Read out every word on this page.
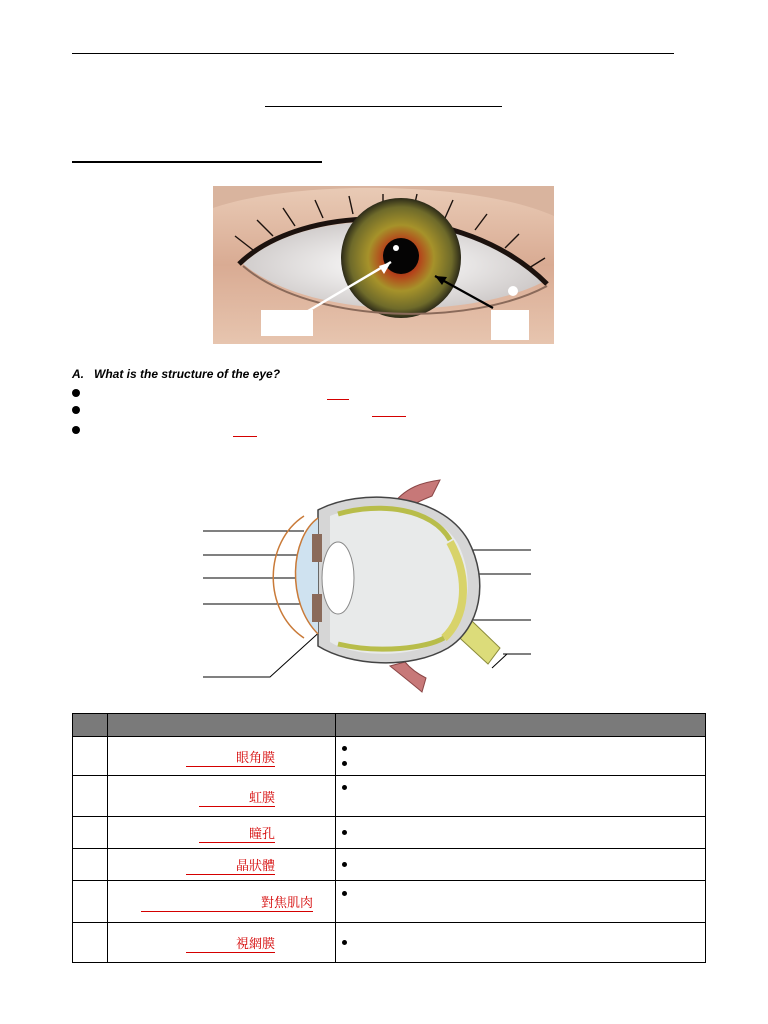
A. What is the structure of the eye?

	眼角膜	

	虹膜	

	瞳孔	

	晶狀體	

	對焦肌肉	

	視網膜	
